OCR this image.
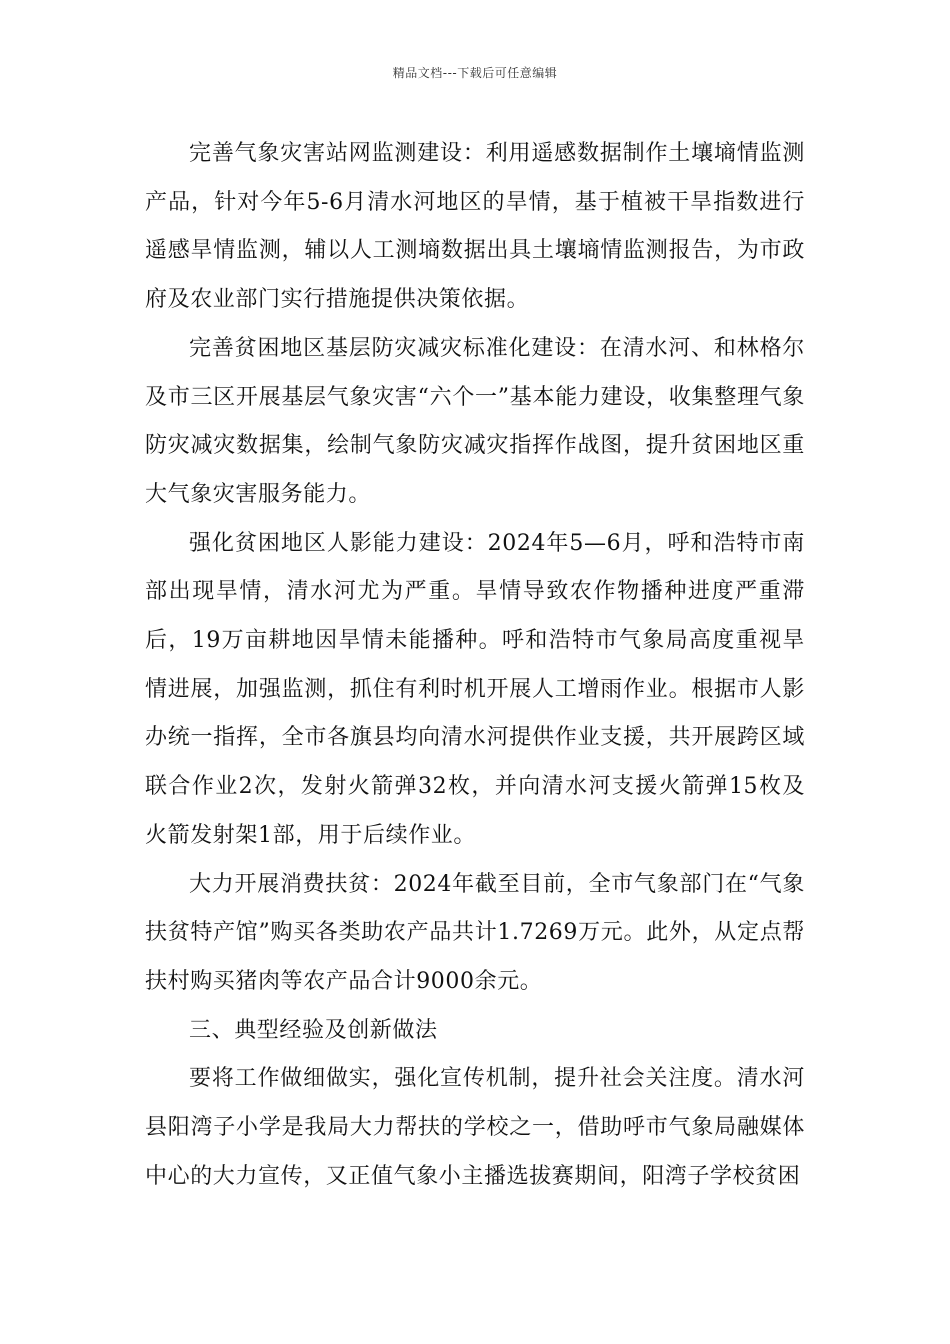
精品文档---下载后可任意编辑

完善气象灾害站网监测建设：利用遥感数据制作土壤墒情监测产品，针对今年5-6月清水河地区的旱情，基于植被干旱指数进行遥感旱情监测，辅以人工测墒数据出具土壤墒情监测报告，为市政府及农业部门实行措施提供决策依据。

完善贫困地区基层防灾减灾标准化建设：在清水河、和林格尔及市三区开展基层气象灾害“六个一”基本能力建设，收集整理气象防灾减灾数据集，绘制气象防灾减灾指挥作战图，提升贫困地区重大气象灾害服务能力。

强化贫困地区人影能力建设：2024年5—6月，呼和浩特市南部出现旱情，清水河尤为严重。旱情导致农作物播种进度严重滞后，19万亩耕地因旱情未能播种。呼和浩特市气象局高度重视旱情进展，加强监测，抓住有利时机开展人工增雨作业。根据市人影办统一指挥，全市各旗县均向清水河提供作业支援，共开展跨区域联合作业2次，发射火箭弹32枚，并向清水河支援火箭弹15枚及火箭发射架1部，用于后续作业。

大力开展消费扶贫：2024年截至目前，全市气象部门在“气象扶贫特产馆”购买各类助农产品共计1.7269万元。此外，从定点帮扶村购买猪肉等农产品合计9000余元。

三、典型经验及创新做法

要将工作做细做实，强化宣传机制，提升社会关注度。清水河县阳湾子小学是我局大力帮扶的学校之一，借助呼市气象局融媒体中心的大力宣传，又正值气象小主播选拔赛期间，阳湾子学校贫困
